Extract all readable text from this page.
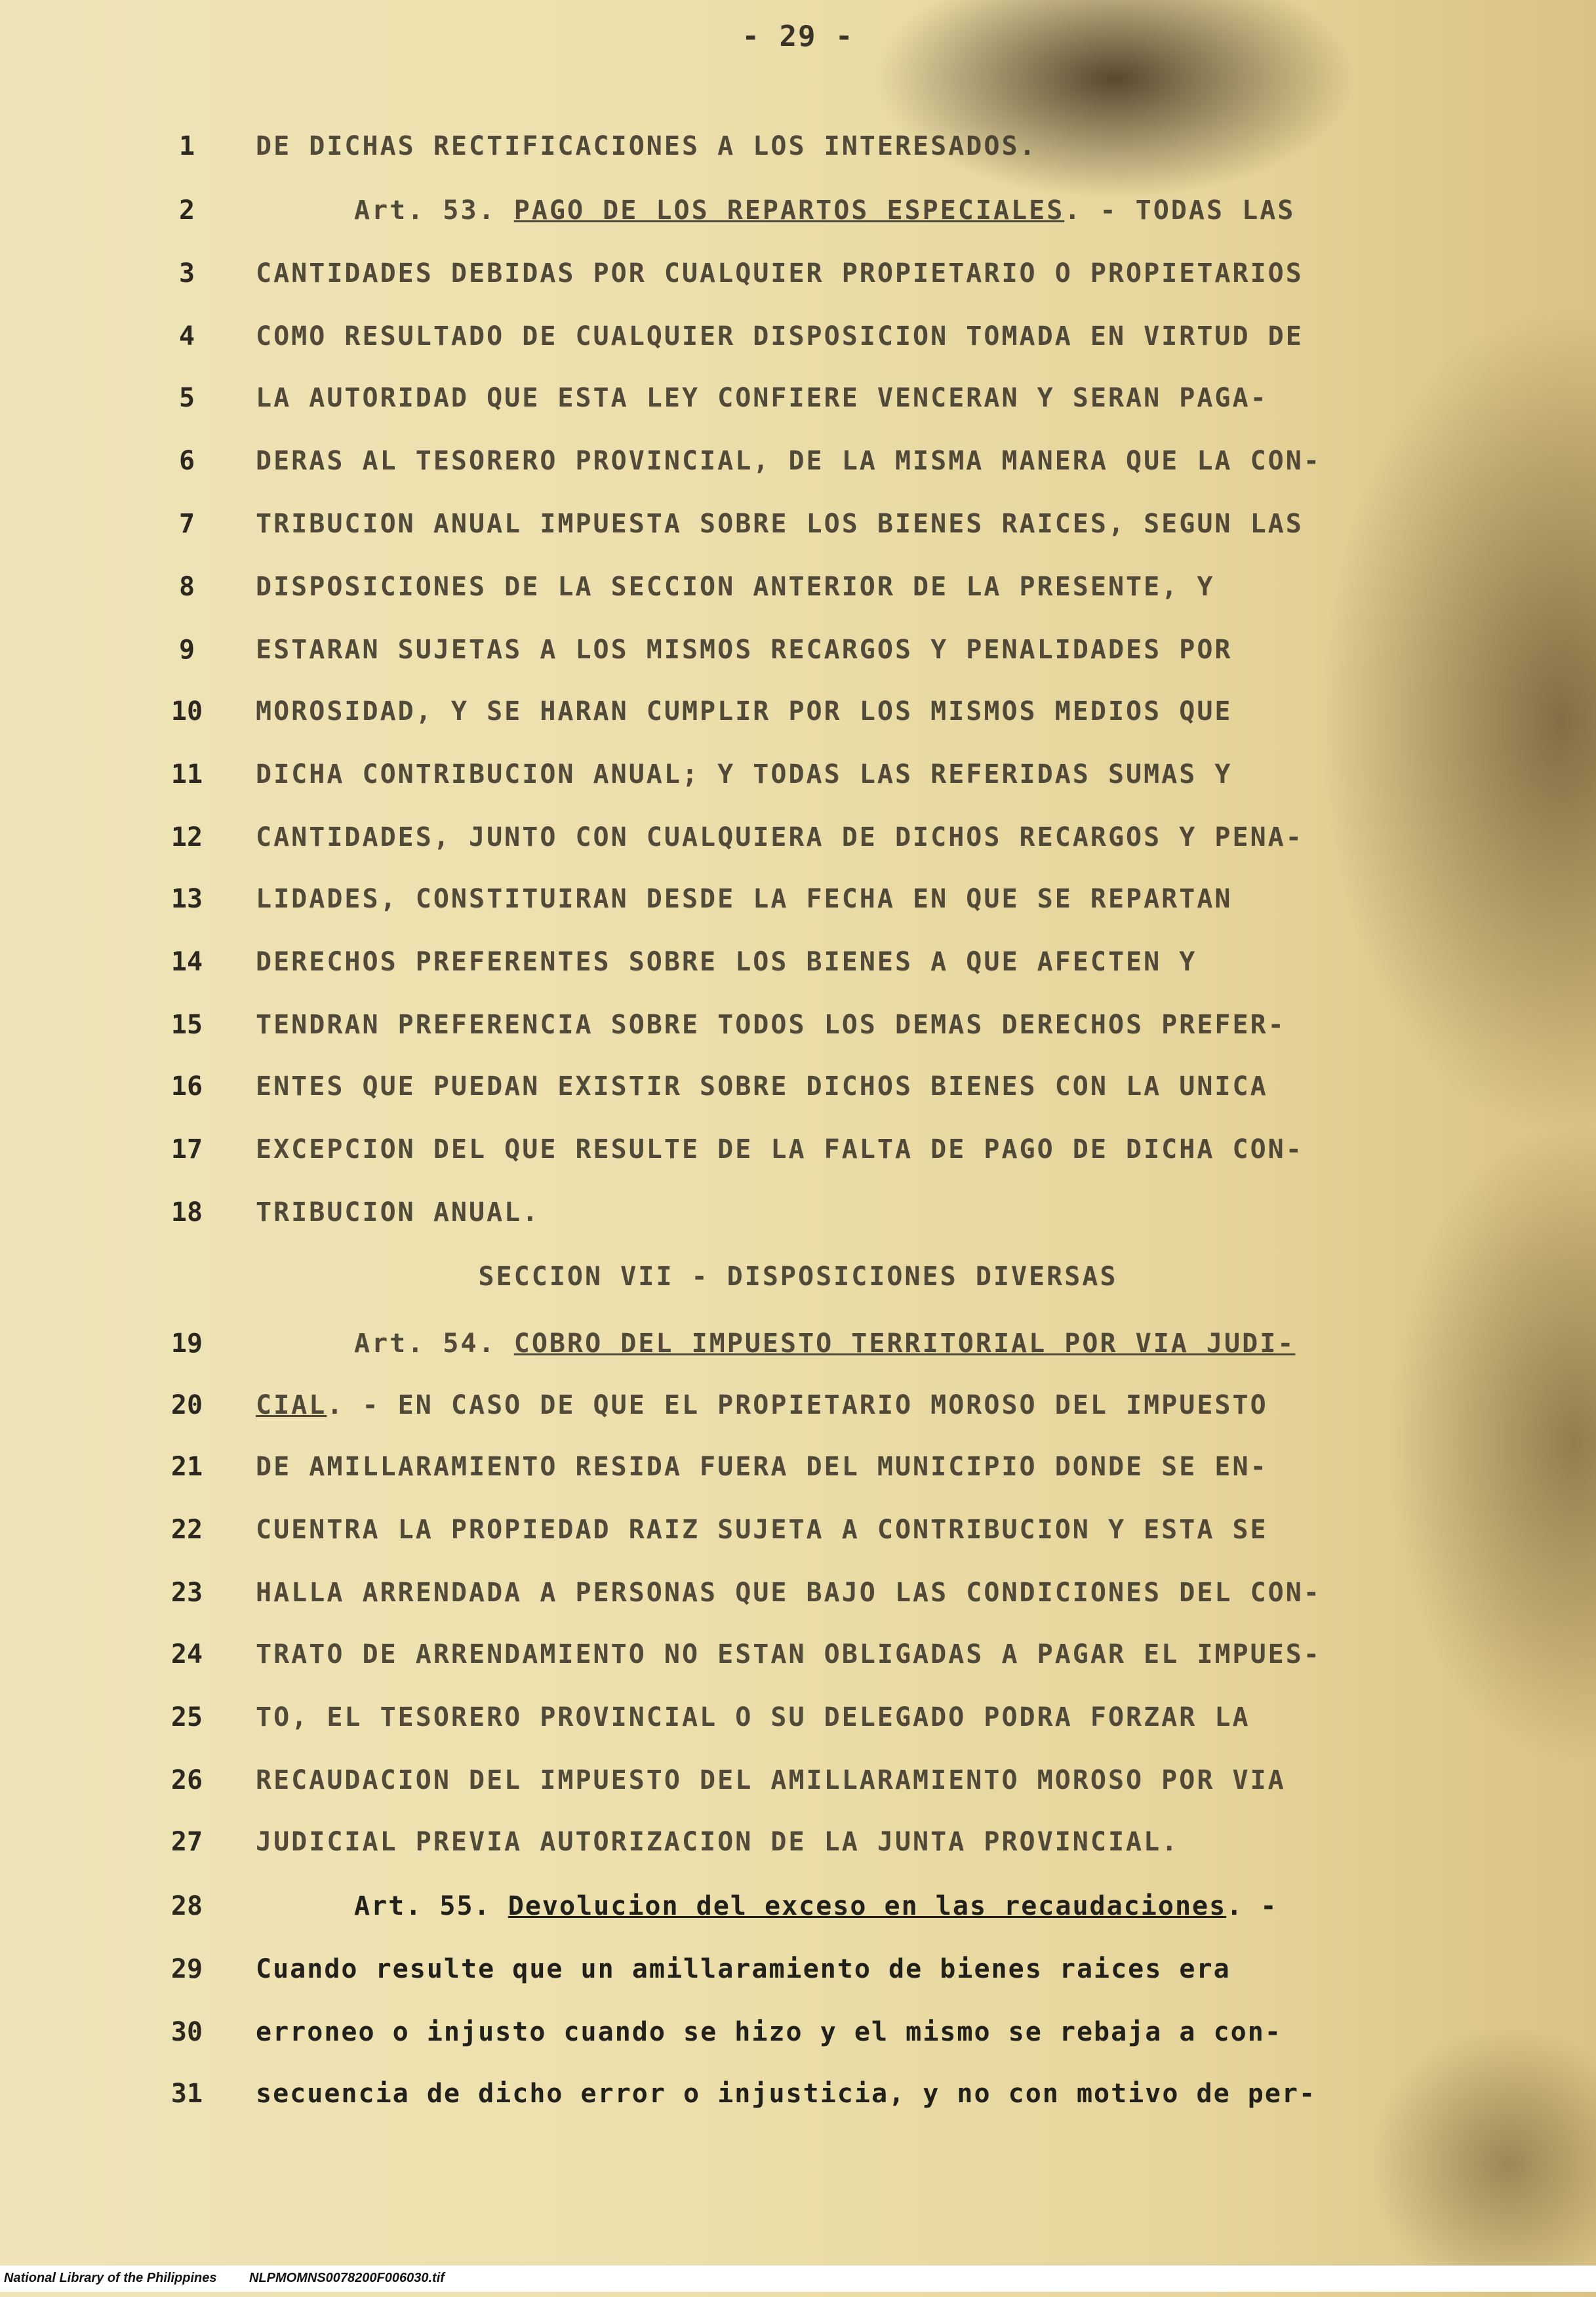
- 29 -
1	DE DICHAS RECTIFICACIONES A LOS INTERESADOS.
2	Art. 53. PAGO DE LOS REPARTOS ESPECIALES. - TODAS LAS
3	CANTIDADES DEBIDAS POR CUALQUIER PROPIETARIO O PROPIETARIOS
4	COMO RESULTADO DE CUALQUIER DISPOSICION TOMADA EN VIRTUD DE
5	LA AUTORIDAD QUE ESTA LEY CONFIERE VENCERAN Y SERAN PAGA-
6	DERAS AL TESORERO PROVINCIAL, DE LA MISMA MANERA QUE LA CON-
7	TRIBUCION ANUAL IMPUESTA SOBRE LOS BIENES RAICES, SEGUN LAS
8	DISPOSICIONES DE LA SECCION ANTERIOR DE LA PRESENTE, Y
9	ESTARAN SUJETAS A LOS MISMOS RECARGOS Y PENALIDADES POR
10	MOROSIDAD, Y SE HARAN CUMPLIR POR LOS MISMOS MEDIOS QUE
11	DICHA CONTRIBUCION ANUAL; Y TODAS LAS REFERIDAS SUMAS Y
12	CANTIDADES, JUNTO CON CUALQUIERA DE DICHOS RECARGOS Y PENA-
13	LIDADES, CONSTITUIRAN DESDE LA FECHA EN QUE SE REPARTAN
14	DERECHOS PREFERENTES SOBRE LOS BIENES A QUE AFECTEN Y
15	TENDRAN PREFERENCIA SOBRE TODOS LOS DEMAS DERECHOS PREFER-
16	ENTES QUE PUEDAN EXISTIR SOBRE DICHOS BIENES CON LA UNICA
17	EXCEPCION DEL QUE RESULTE DE LA FALTA DE PAGO DE DICHA CON-
18	TRIBUCION ANUAL.
19	Art. 54. COBRO DEL IMPUESTO TERRITORIAL POR VIA JUDI-
20	CIAL. - EN CASO DE QUE EL PROPIETARIO MOROSO DEL IMPUESTO
21	DE AMILLARAMIENTO RESIDA FUERA DEL MUNICIPIO DONDE SE EN-
22	CUENTRA LA PROPIEDAD RAIZ SUJETA A CONTRIBUCION Y ESTA SE
23	HALLA ARRENDADA A PERSONAS QUE BAJO LAS CONDICIONES DEL CON-
24	TRATO DE ARRENDAMIENTO NO ESTAN OBLIGADAS A PAGAR EL IMPUES-
25	TO, EL TESORERO PROVINCIAL O SU DELEGADO PODRA FORZAR LA
26	RECAUDACION DEL IMPUESTO DEL AMILLARAMIENTO MOROSO POR VIA
27	JUDICIAL PREVIA AUTORIZACION DE LA JUNTA PROVINCIAL.
28	Art. 55. Devolucion del exceso en las recaudaciones. -
29	Cuando resulte que un amillaramiento de bienes raices era
30	erroneo o injusto cuando se hizo y el mismo se rebaja a con-
31	secuencia de dicho error o injusticia, y no con motivo de per-
SECCION VII - DISPOSICIONES DIVERSAS
National Library of the Philippines NLPMOMNS0078200F006030.tif
